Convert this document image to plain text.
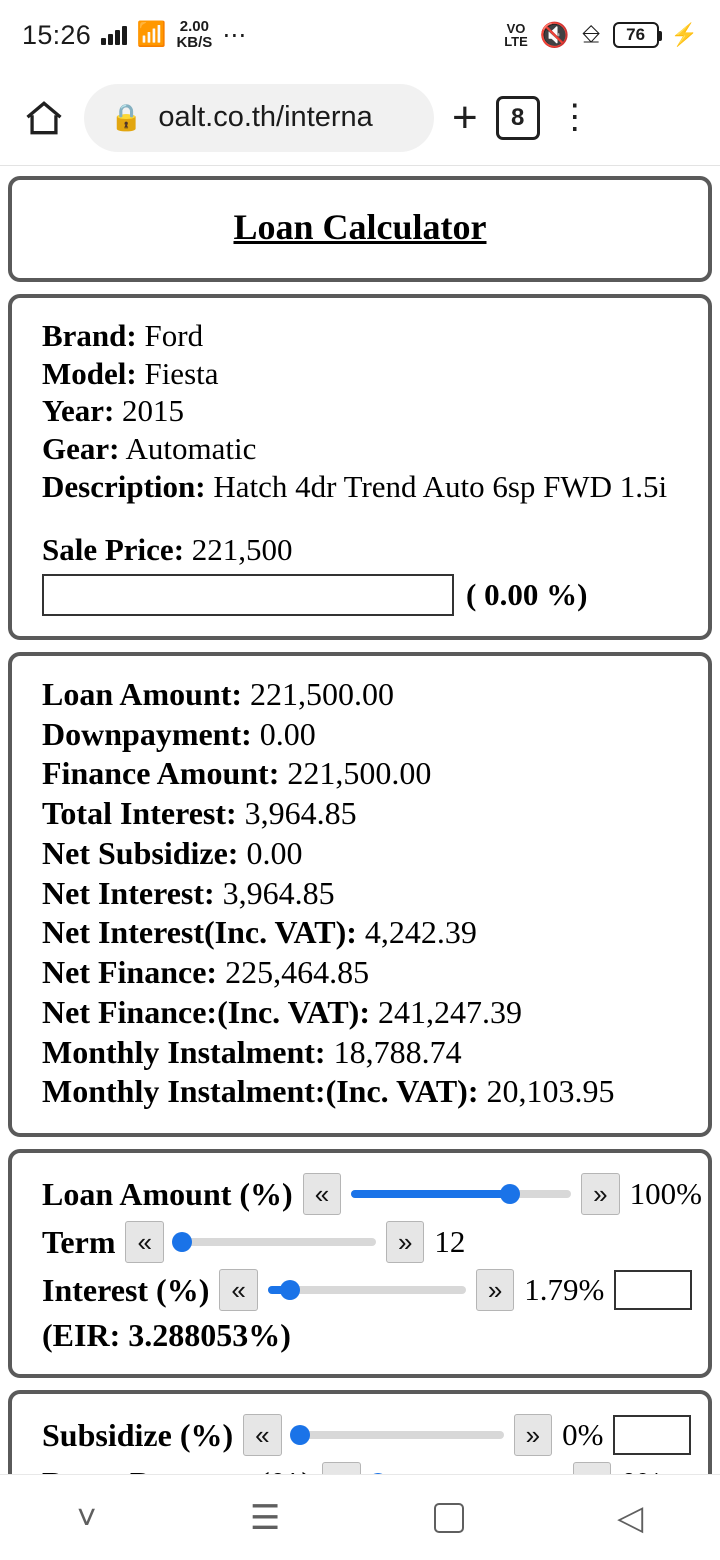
15:26 📶 2.00
KB/S ⋯	VO
LTE 🔇 ⎒	76	⚡
🔒 oalt.co.th/interna +	8 ⋮
Loan Calculator
Brand: Ford
Model: Fiesta
Year: 2015
Gear: Automatic
Description: Hatch 4dr Trend Auto 6sp FWD 1.5i
Sale Price: 221,500
( 0.00 %)
Loan Amount: 221,500.00
Downpayment: 0.00
Finance Amount: 221,500.00
Total Interest: 3,964.85
Net Subsidize: 0.00
Net Interest: 3,964.85
Net Interest(Inc. VAT): 4,242.39
Net Finance: 225,464.85
Net Finance:(Inc. VAT): 241,247.39
Monthly Instalment: 18,788.74
Monthly Instalment:(Inc. VAT): 20,103.95
Loan Amount (%) «	» 100%
Term «	» 12
Interest (%) «	» 1.79%
(EIR: 3.288053%)
Subsidize (%) «	» 0%
˅	☰	◁
